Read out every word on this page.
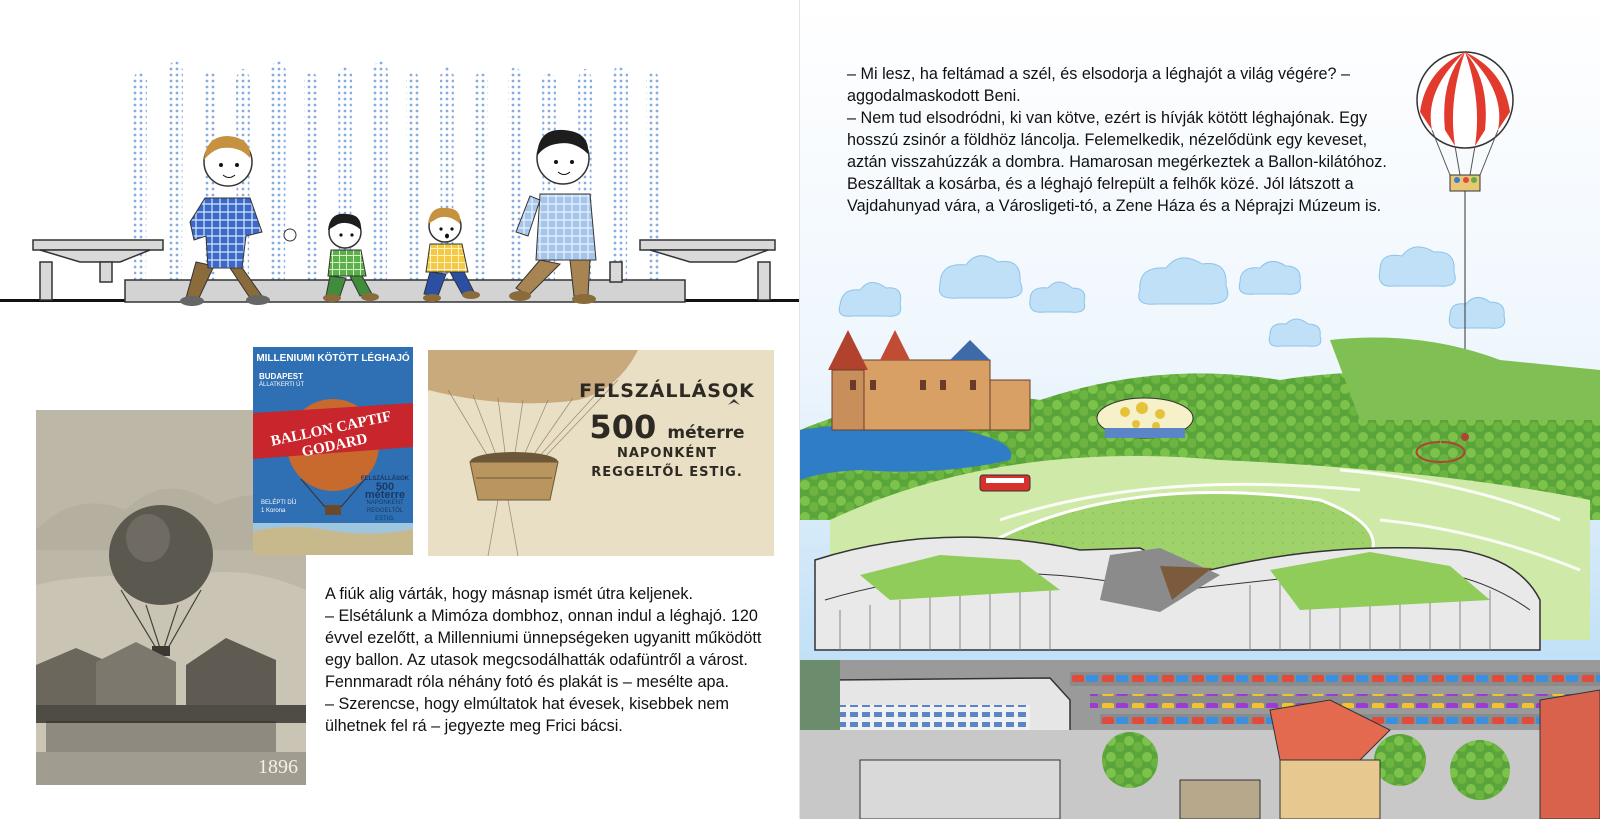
1896
MILLENIUMI KÖTÖTT LÉGHAJÓ
BUDAPEST
ÁLLATKERTI ÚT
BALLON CAPTIF GODARD
FELSZÁLLÁSOK
500 méterre
NAPONKÉNT
REGGELTŐL ESTIG.
BELÉPTI DÍJ
1 Korona
FELSZÁLLÁSOK
500 méterre
NAPONKÉNT
REGGELTŐL ESTIG.

A fiúk alig várták, hogy másnap ismét útra keljenek.

– Elsétálunk a Mimóza dombhoz, onnan indul a léghajó. 120 évvel ezelőtt, a Millenniumi ünnepségeken ugyanitt működött egy ballon. Az utasok megcsodálhatták odafüntről a várost. Fennmaradt róla néhány fotó és plakát is – mesélte apa.

– Szerencse, hogy elmúltatok hat évesek, kisebbek nem ülhetnek fel rá – jegyezte meg Frici bácsi.

– Mi lesz, ha feltámad a szél, és elsodorja a léghajót a világ végére? – aggodalmaskodott Beni.

– Nem tud elsodródni, ki van kötve, ezért is hívják kötött léghajónak. Egy hosszú zsinór a földhöz láncolja. Felemelkedik, nézelődünk egy keveset, aztán visszahúzzák a dombra. Hamarosan megérkeztek a Ballon-kilátóhoz. Beszálltak a kosárba, és a léghajó felrepült a felhők közé. Jól látszott a Vajdahunyad vára, a Városligeti-tó, a Zene Háza és a Néprajzi Múzeum is.
